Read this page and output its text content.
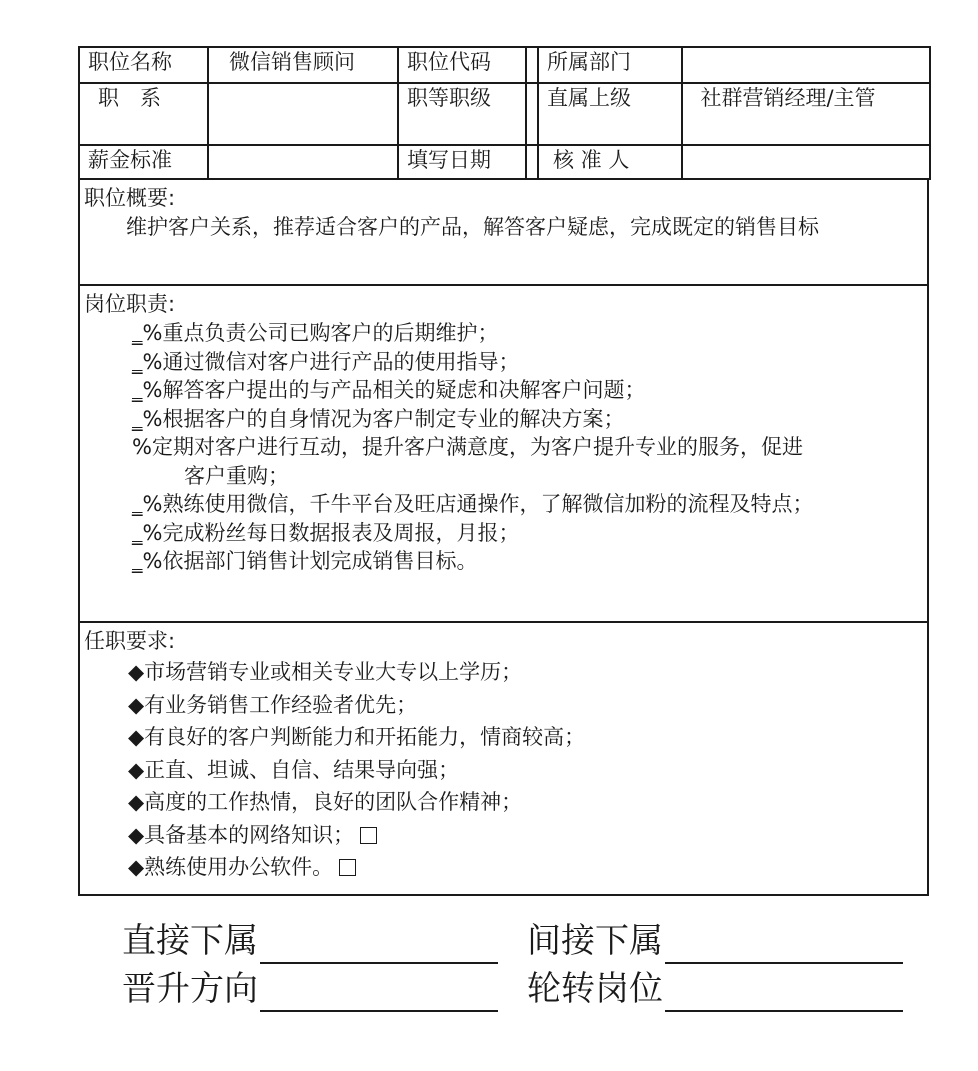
职位名称	微信销售顾问	职位代码		所属部门	
职　系		职等职级		直属上级	社群营销经理/主管
薪金标准		填写日期		核 准 人	
职位概要:
维护客户关系，推荐适合客户的产品，解答客户疑虑，完成既定的销售目标
岗位职责:
_%重点负责公司已购客户的后期维护；
_%通过微信对客户进行产品的使用指导；
_%解答客户提出的与产品相关的疑虑和决解客户问题；
_%根据客户的自身情况为客户制定专业的解决方案；
%定期对客户进行互动，提升客户满意度，为客户提升专业的服务，促进
客户重购；
_%熟练使用微信，千牛平台及旺店通操作，了解微信加粉的流程及特点；
_%完成粉丝每日数据报表及周报，月报；
_%依据部门销售计划完成销售目标。
任职要求:
◆市场营销专业或相关专业大专以上学历；
◆有业务销售工作经验者优先；
◆有良好的客户判断能力和开拓能力，情商较高；
◆正直、坦诚、自信、结果导向强；
◆高度的工作热情，良好的团队合作精神；
◆具备基本的网络知识；
◆熟练使用办公软件。
直接下属	间接下属
晋升方向	轮转岗位
